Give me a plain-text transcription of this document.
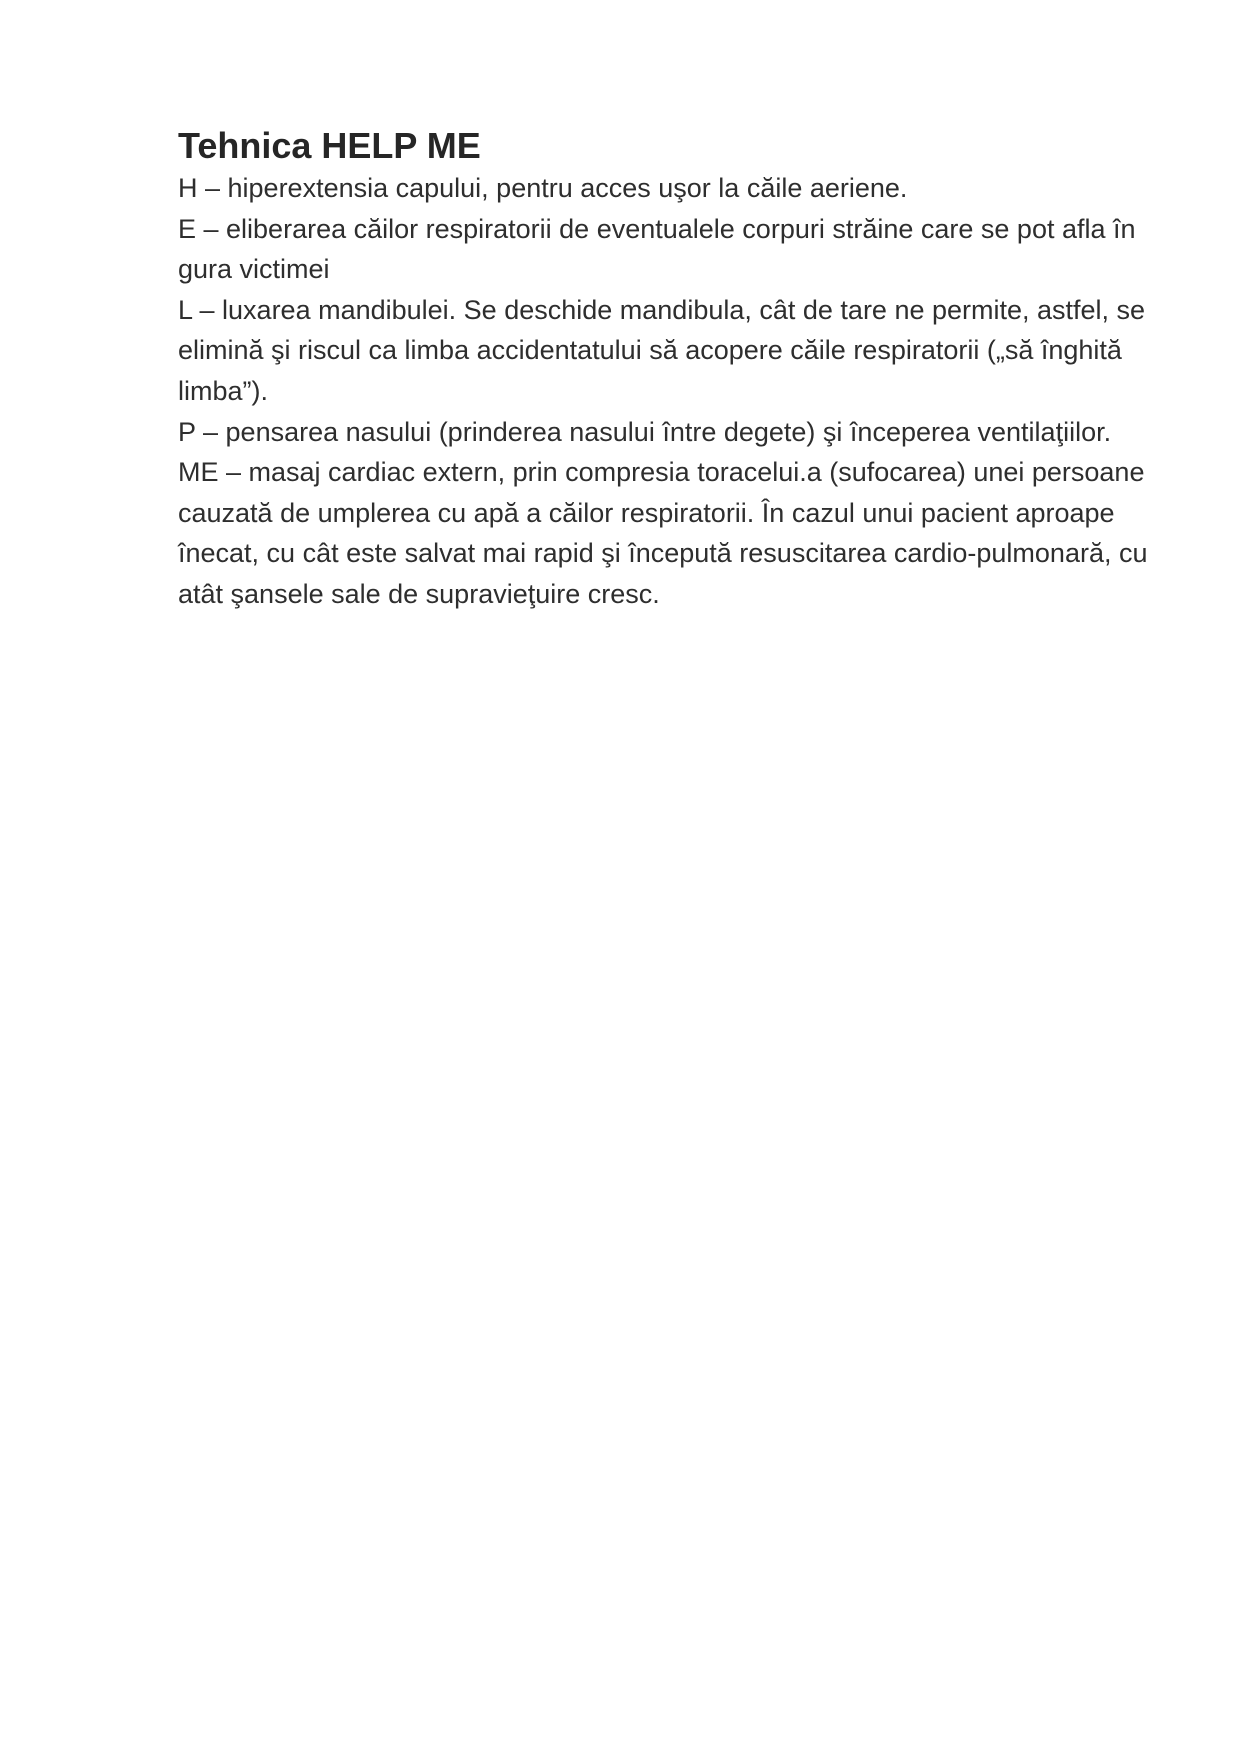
Tehnica HELP ME

H – hiperextensia capului, pentru acces uşor la căile aeriene.

E – eliberarea căilor respiratorii de eventualele corpuri străine care se pot afla în gura victimei

L – luxarea mandibulei. Se deschide mandibula, cât de tare ne permite, astfel, se elimină şi riscul ca limba accidentatului să acopere căile respiratorii („să înghită limba”).

P – pensarea nasului (prinderea nasului între degete) şi începerea ventilaţiilor.

ME – masaj cardiac extern, prin compresia toracelui.a (sufocarea) unei persoane cauzată de umplerea cu apă a căilor respiratorii. În cazul unui pacient aproape înecat, cu cât este salvat mai rapid şi începută resuscitarea cardio-pulmonară, cu atât şansele sale de supravieţuire cresc.
